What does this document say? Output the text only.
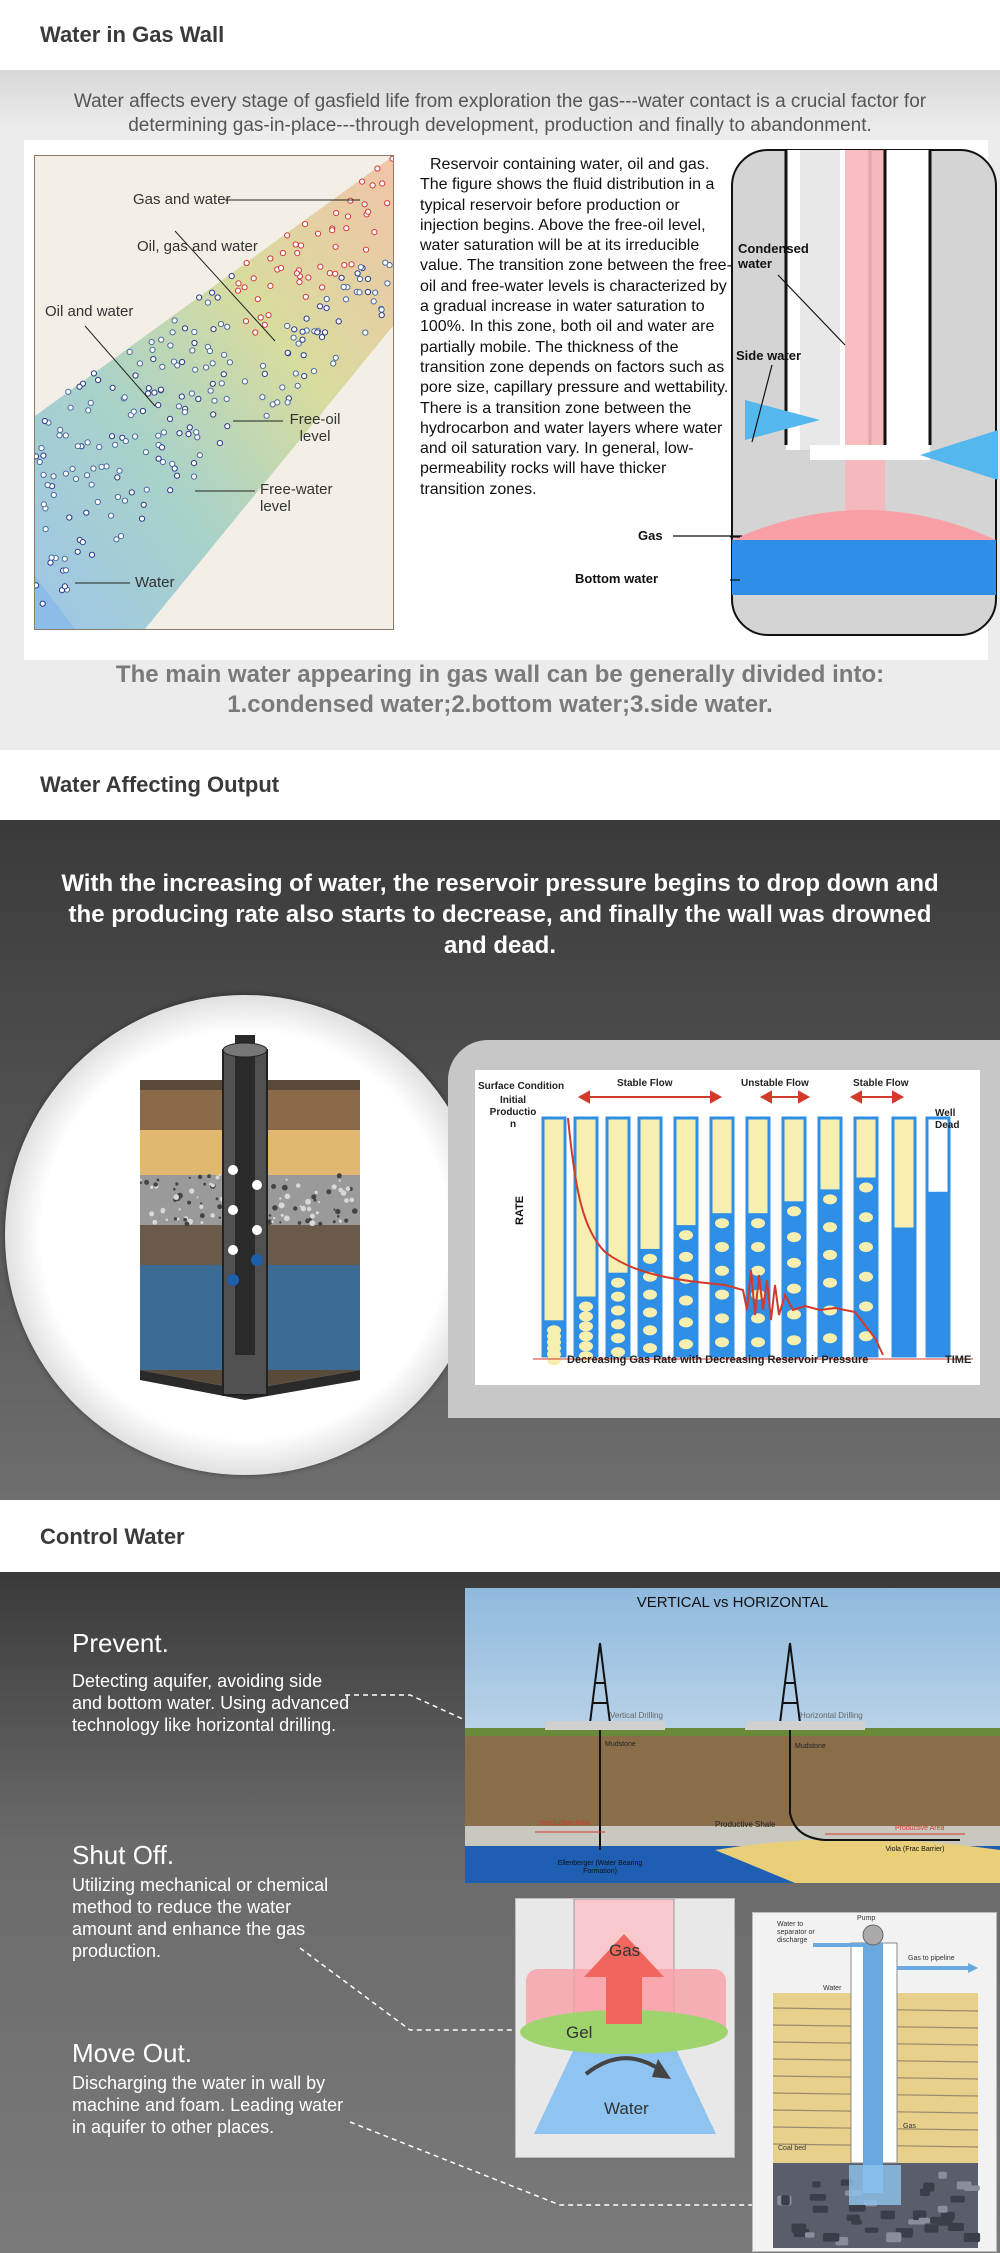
Water in Gas Wall

Water affects every stage of gasfield life from exploration the gas---water contact is a crucial factor for determining gas-in-place---through development, production and finally to abandonment.

Gas and water
Oil, gas and water
Oil and water
Free-oil level
Free-water level
Water

Reservoir containing water, oil and gas. The figure shows the fluid distribution in a typical reservoir before production or injection begins. Above the free-oil level, water saturation will be at its irreducible value. The transition zone between the free-oil and free-water levels is characterized by a gradual increase in water saturation to 100%. In this zone, both oil and water are partially mobile. The thickness of the transition zone depends on factors such as pore size, capillary pressure and wettability. There is a transition zone between the hydrocarbon and water layers where water and oil saturation vary. In general, low-permeability rocks will have thicker transition zones.

Condensed water
Side water
Gas
Bottom water

The main water appearing in gas wall can be generally divided into: 1.condensed water;2.bottom water;3.side water.

Water Affecting Output

With the increasing of water, the reservoir pressure begins to drop down and the producing rate also starts to decrease, and finally the wall was drowned and dead.

RATE
Surface Condition
Initial Productio n
Stable Flow	Unstable Flow	Stable Flow
Well Dead
Decreasing Gas Rate with Decreasing Reservoir Pressure	TIME
Control Water
Prevent.

Detecting aquifer, avoiding side and bottom water. Using advanced technology like horizontal drilling.

Shut Off.

Utilizing mechanical or chemical method to reduce the water amount and enhance the gas production.

Move Out.

Discharging the water in wall by machine and foam. Leading water in aquifer to other places.

VERTICAL vs HORIZONTAL
Vertical Drilling	Horizontal Drilling
Mudstone	Mudstone
Productive Area	Productive Shale	Productive Area
Ellenberger (Water Bearing Formation)
Viola (Frac Barrier)
Gas
Gel
Water
Pump
Water to separator or discharge
Gas to pipeline
Water
Gas
Coal bed
